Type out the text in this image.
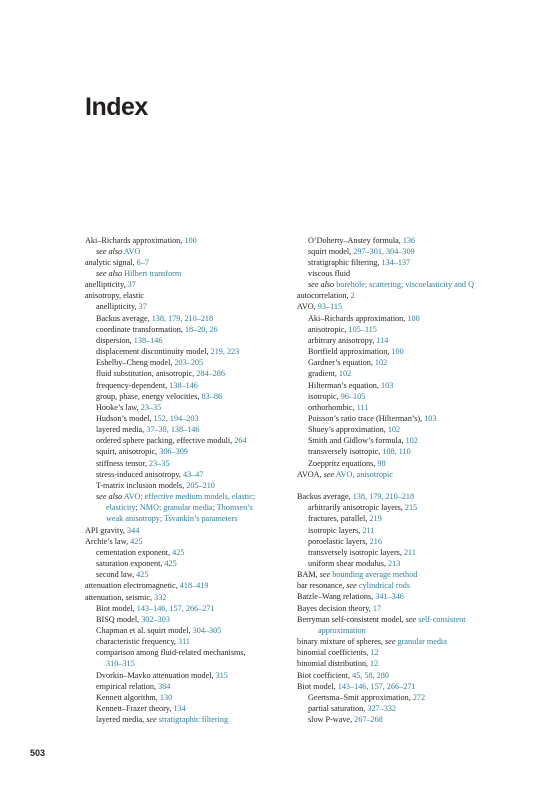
Index
Aki–Richards approximation, 100
see also AVO
analytic signal, 6–7
see also Hilbert transform
anellipticity, 37
anisotropy, elastic
anellipticity, 37
Backus average, 138, 179, 210–218
coordinate transformation, 18–20, 26
dispersion, 138–146
displacement discontinuity model, 219, 223
Eshelby–Cheng model, 203–205
fluid substitution, anisotropic, 284–286
frequency-dependent, 138–146
group, phase, energy velocities, 83–86
Hooke’s law, 23–35
Hudson’s model, 152, 194–203
layered media, 37–38, 138–146
ordered sphere packing, effective moduli, 264
squirt, anisotropic, 306–309
stiffness tensor, 23–35
stress-induced anisotropy, 43–47
T-matrix inclusion models, 205–210
see also AVO; effective medium models, elastic;
elasticity; NMO; granular media; Thomsen’s
weak anisotropy; Tsvankin’s parameters
API gravity, 344
Archie’s law, 425
cementation exponent, 425
saturation exponent, 425
second law, 425
attenuation electromagnetic, 418–419
attenuation, seismic, 332
Biot model, 143–146, 157, 266–271
BISQ model, 302–303
Chapman et al. squirt model, 304–305
characteristic frequency, 311
comparison among fluid-related mechanisms,
310–315
Dvorkin–Mavko attenuation model, 315
empirical relation, 384
Kennett algorithm, 130
Kennett–Frazer theory, 134
layered media, see stratigraphic filtering
O’Doherty–Anstey formula, 136
squirt model, 297–301, 304–309
stratigraphic filtering, 134–137
viscous fluid
see also borehole; scattering; viscoelasticity and Q
autocorrelation, 2
AVO, 93–115
Aki–Richards approximation, 100
anisotropic, 105–115
arbitrary anisotropy, 114
Bortfield approximation, 100
Gardner’s equation, 102
gradient, 102
Hilterman’s equation, 103
isotropic, 96–105
orthorhombic, 111
Poisson’s ratio trace (Hilterman’s), 103
Shuey’s approximation, 102
Smith and Gidlow’s formula, 102
transversely isotropic, 108, 110
Zoeppritz equations, 98
AVOA, see AVO, anisotropic
Backus average, 138, 179, 210–218
arbitrarily anisotropic layers, 215
fractures, parallel, 219
isotropic layers, 211
poroelastic layers, 216
transversely isotropic layers, 211
uniform shear modulus, 213
BAM, see bounding average method
bar resonance, see cylindrical rods
Batzle–Wang relations, 341–346
Bayes decision theory, 17
Berryman self-consistent model, see self-consistent
approximation
binary mixture of spheres, see granular media
binomial coefficients, 12
binomial distribution, 12
Biot coefficient, 45, 58, 280
Biot model, 143–146, 157, 266–271
Geertsma–Smit approximation, 272
partial saturation, 327–332
slow P-wave, 267–268
503
